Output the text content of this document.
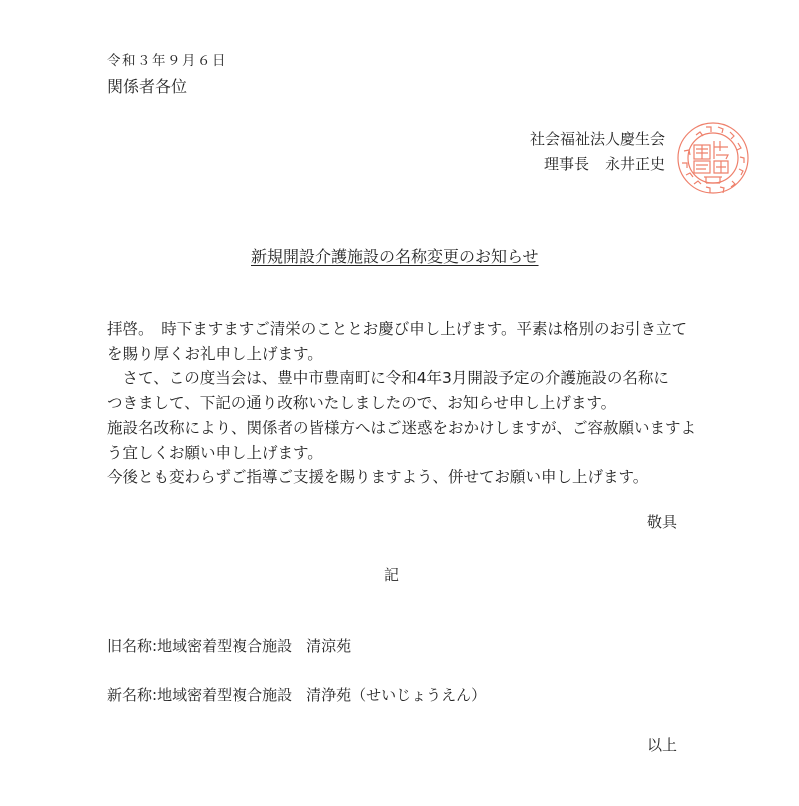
令和３年９月６日
関係者各位
社会福祉法人慶生会
理事長 永井正史
新規開設介護施設の名称変更のお知らせ

拝啓。　時下ますますご清栄のこととお慶び申し上げます。平素は格別のお引き立て

を賜り厚くお礼申し上げます。

　さて、この度当会は、豊中市豊南町に令和4年3月開設予定の介護施設の名称に

つきまして、下記の通り改称いたしましたので、お知らせ申し上げます。

施設名改称により、関係者の皆様方へはご迷惑をおかけしますが、ご容赦願いますよ

う宜しくお願い申し上げます。

今後とも変わらずご指導ご支援を賜りますよう、併せてお願い申し上げます。

敬具
記
旧名称:地域密着型複合施設 清涼苑
新名称:地域密着型複合施設 清浄苑（せいじょうえん）
以上
